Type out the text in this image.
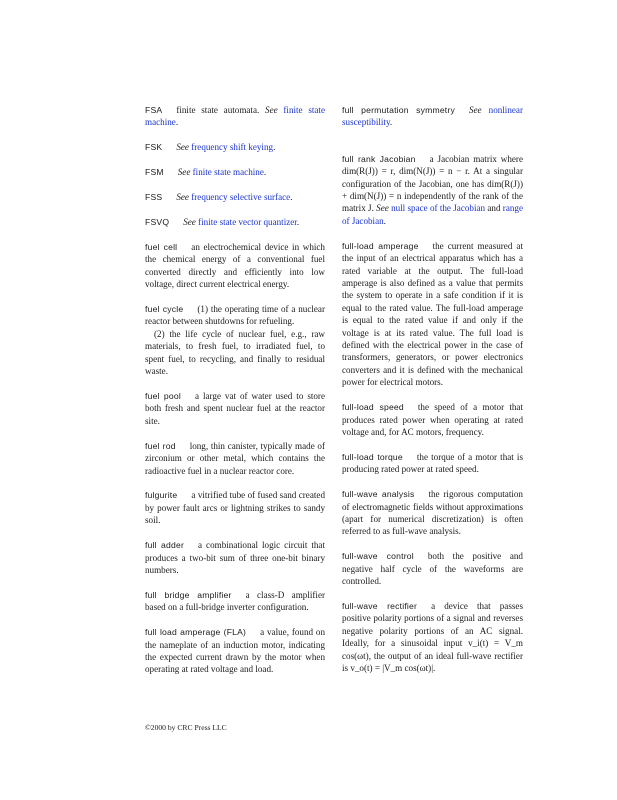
FSA finite state automata. See finite state machine.

FSK See frequency shift keying.

FSM See finite state machine.

FSS See frequency selective surface.

FSVQ See finite state vector quantizer.

fuel cell an electrochemical device in which the chemical energy of a conventional fuel converted directly and efficiently into low voltage, direct current electrical energy.

fuel cycle (1) the operating time of a nuclear reactor between shutdowns for refueling.
(2) the life cycle of nuclear fuel, e.g., raw materials, to fresh fuel, to irradiated fuel, to spent fuel, to recycling, and finally to residual waste.

fuel pool a large vat of water used to store both fresh and spent nuclear fuel at the reactor site.

fuel rod long, thin canister, typically made of zirconium or other metal, which contains the radioactive fuel in a nuclear reactor core.

fulgurite a vitrified tube of fused sand created by power fault arcs or lightning strikes to sandy soil.

full adder a combinational logic circuit that produces a two-bit sum of three one-bit binary numbers.

full bridge amplifier a class-D amplifier based on a full-bridge inverter configuration.

full load amperage (FLA) a value, found on the nameplate of an induction motor, indicating the expected current drawn by the motor when operating at rated voltage and load.

full permutation symmetry See nonlinear susceptibility.

full rank Jacobian a Jacobian matrix where dim(R(J)) = r, dim(N(J)) = n − r. At a singular configuration of the Jacobian, one has dim(R(J)) + dim(N(J)) = n independently of the rank of the matrix J. See null space of the Jacobian and range of Jacobian.

full-load amperage the current measured at the input of an electrical apparatus which has a rated variable at the output. The full-load amperage is also defined as a value that permits the system to operate in a safe condition if it is equal to the rated value. The full-load amperage is equal to the rated value if and only if the voltage is at its rated value. The full load is defined with the electrical power in the case of transformers, generators, or power electronics converters and it is defined with the mechanical power for electrical motors.

full-load speed the speed of a motor that produces rated power when operating at rated voltage and, for AC motors, frequency.

full-load torque the torque of a motor that is producing rated power at rated speed.

full-wave analysis the rigorous computation of electromagnetic fields without approximations (apart for numerical discretization) is often referred to as full-wave analysis.

full-wave control both the positive and negative half cycle of the waveforms are controlled.

full-wave rectifier a device that passes positive polarity portions of a signal and reverses negative polarity portions of an AC signal. Ideally, for a sinusoidal input v_i(t) = V_m cos(ωt), the output of an ideal full-wave rectifier is v_o(t) = |V_m cos(ωt)|.

©2000 by CRC Press LLC
